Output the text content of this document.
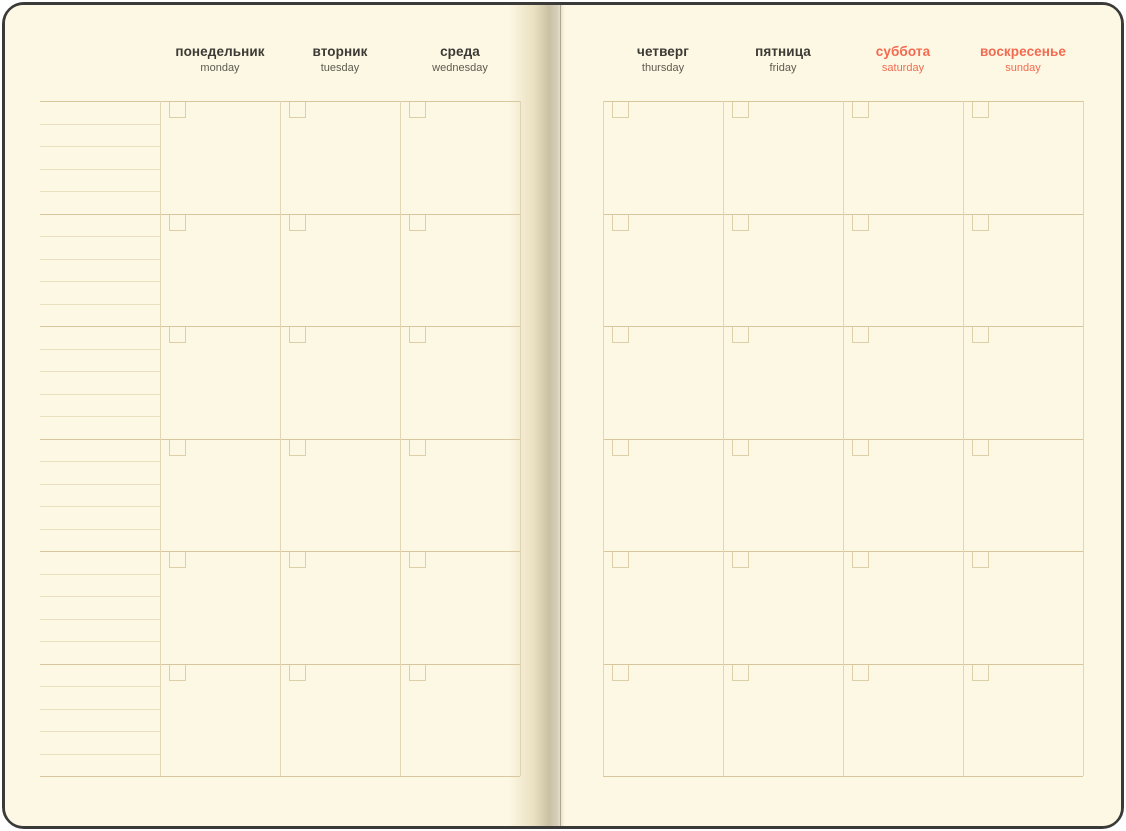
понедельник
monday
вторник
tuesday
среда
wednesday
четверг
thursday
пятница
friday
суббота
saturday
воскресенье
sunday
